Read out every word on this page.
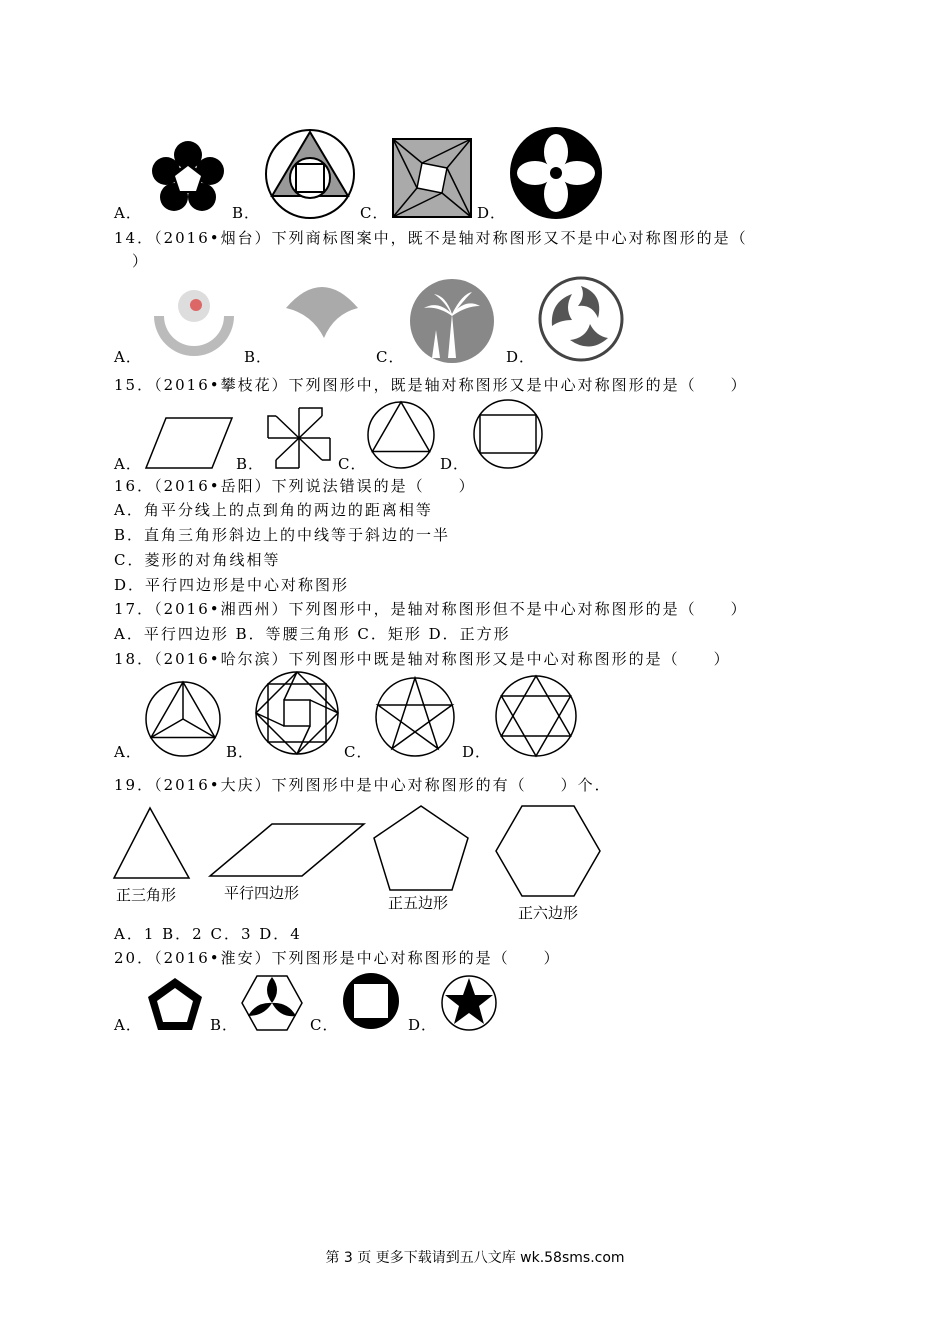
A．	B．	C．	D．
14．（2016•烟台）下列商标图案中，既不是轴对称图形又不是中心对称图形的是（
）
A．	B．	C．	D．
15．（2016•攀枝花）下列图形中，既是轴对称图形又是中心对称图形的是（　　）
A．	B．	C．	D．
16．（2016•岳阳）下列说法错误的是（　　）
A．角平分线上的点到角的两边的距离相等
B．直角三角形斜边上的中线等于斜边的一半
C．菱形的对角线相等
D．平行四边形是中心对称图形
17．（2016•湘西州）下列图形中，是轴对称图形但不是中心对称图形的是（　　）
A．平行四边形 B．等腰三角形 C．矩形 D．正方形
18．（2016•哈尔滨）下列图形中既是轴对称图形又是中心对称图形的是（　　）
A．	B．	C．	D．
19．（2016•大庆）下列图形中是中心对称图形的有（　　）个．
正三角形	平行四边形
正五边形
正六边形
A．1 B．2 C．3 D．4
20．（2016•淮安）下列图形是中心对称图形的是（　　）
A．	B．	C．	D．
第 3 页 更多下载请到五八文库 wk.58sms.com
